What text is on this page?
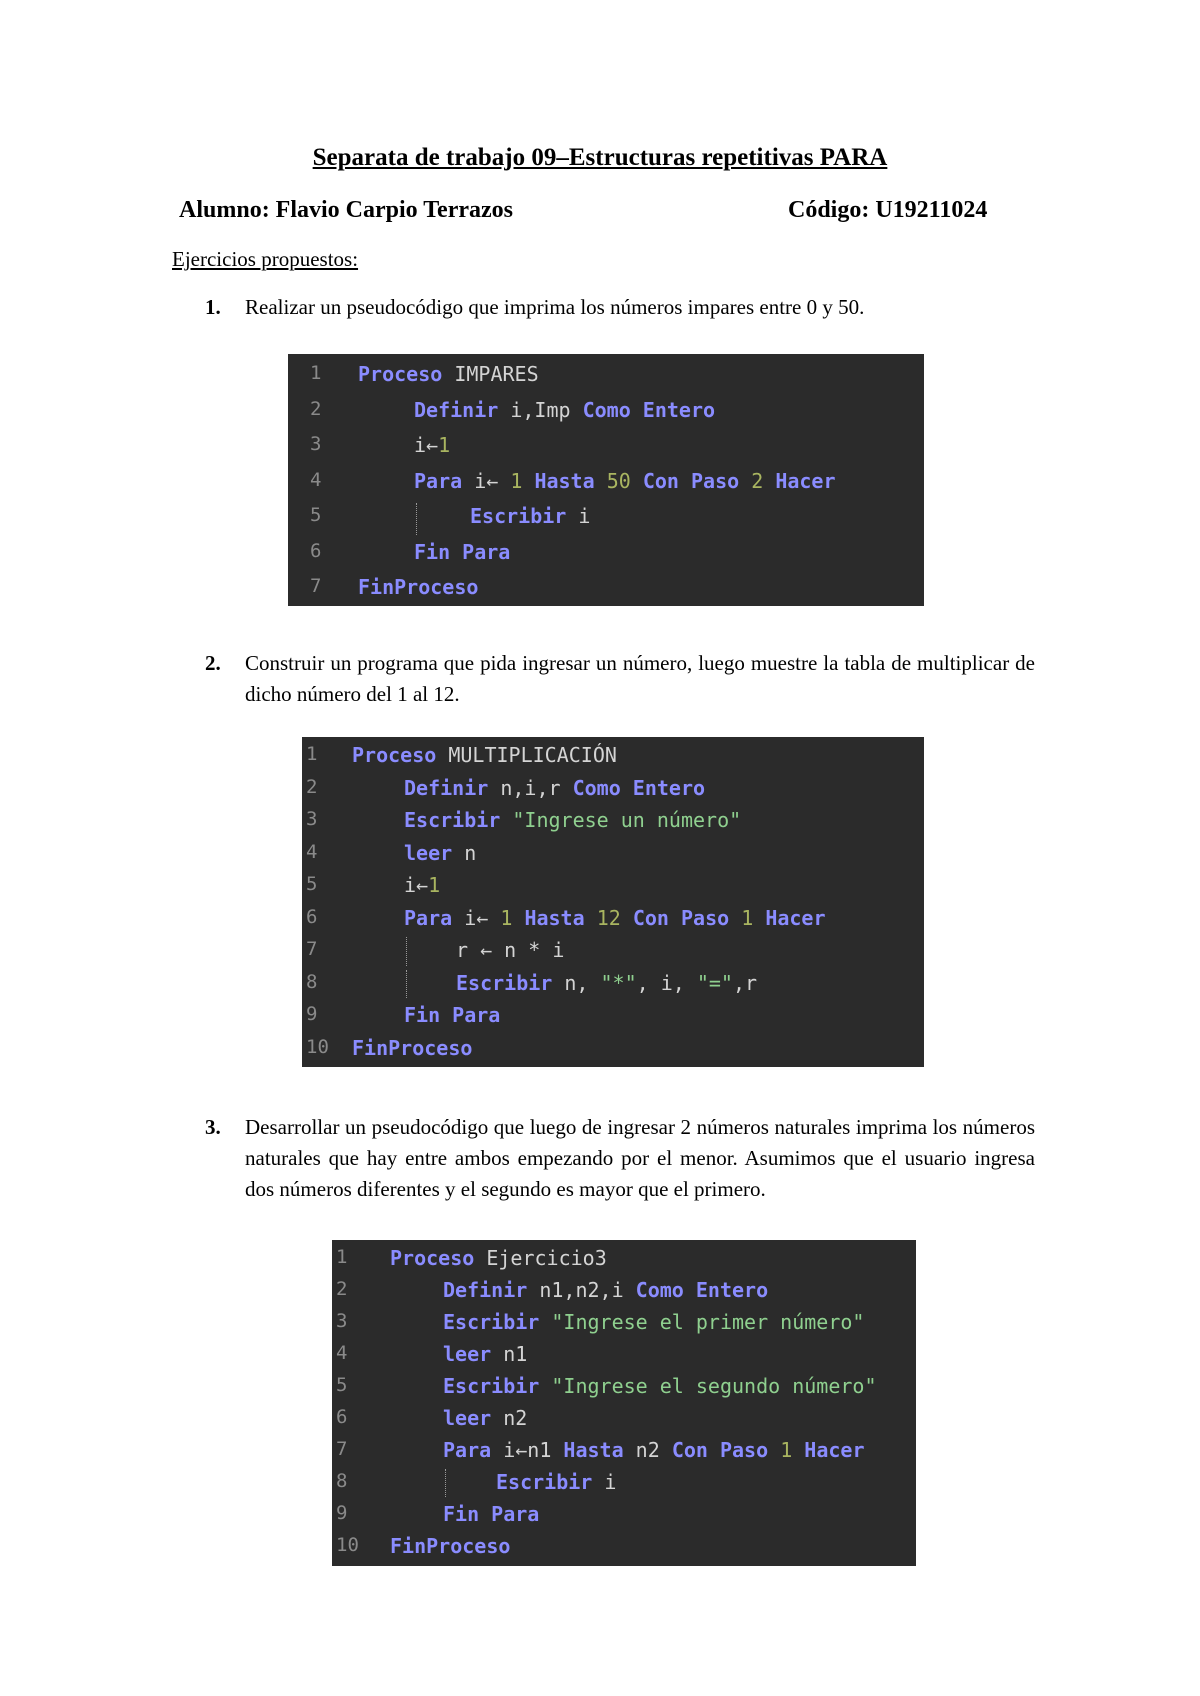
Separata de trabajo 09–Estructuras repetitivas PARA
Alumno: Flavio Carpio Terrazos	Código: U19211024
Ejercicios propuestos:
1. Realizar un pseudocódigo que imprima los números impares entre 0 y 50.
1 Proceso IMPARES
2	Definir i,Imp Como Entero
3	i←1
4	Para i← 1 Hasta 50 Con Paso 2 Hacer
5	Escribir i
6	Fin Para
7 FinProceso
2. Construir un programa que pida ingresar un número, luego muestre la tabla de multiplicar de dicho número del 1 al 12.
1 Proceso MULTIPLICACIÓN
2	Definir n,i,r Como Entero
3	Escribir "Ingrese un número"
4	leer n
5	i←1
6	Para i← 1 Hasta 12 Con Paso 1 Hacer
7	r ← n * i
8	Escribir n, "*", i, "=",r
9	Fin Para
10 FinProceso
3. Desarrollar un pseudocódigo que luego de ingresar 2 números naturales imprima los números naturales que hay entre ambos empezando por el menor. Asumimos que el usuario ingresa dos números diferentes y el segundo es mayor que el primero.
1 Proceso Ejercicio3
2	Definir n1,n2,i Como Entero
3	Escribir "Ingrese el primer número"
4	leer n1
5	Escribir "Ingrese el segundo número"
6	leer n2
7	Para i←n1 Hasta n2 Con Paso 1 Hacer
8	Escribir i
9	Fin Para
10 FinProceso
